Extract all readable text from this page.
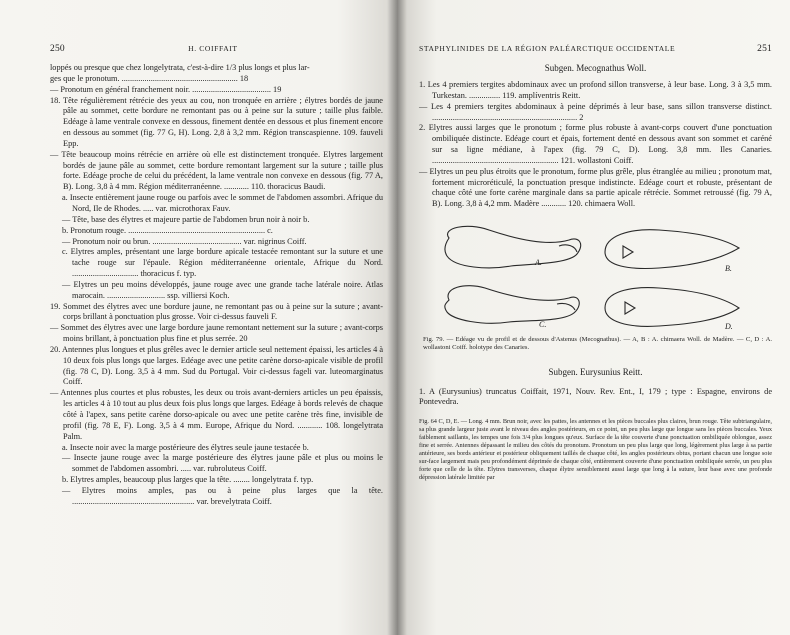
250	H. COIFFAIT

loppés ou presque que chez longelytrata, c'est-à-dire 1/3 plus longs et plus lar-

ges que le pronotum. ........................................................ 18

— Pronotum en général franchement noir. ...................................... 19

18. Tête régulièrement rétrécie des yeux au cou, non tronquée en arrière ; élytres bordés de jaune pâle au sommet, cette bordure ne remontant pas ou à peine sur la suture ; taille plus faible. Edéage à lame ventrale convexe en dessous, finement dentée en dessous et plus finement encore en dessous au sommet (fig. 77 G, H). Long. 2,8 à 3,2 mm. Région transcaspienne. 109. fauveli Epp.

— Tête beaucoup moins rétrécie en arrière où elle est distinctement tronquée. Elytres largement bordés de jaune pâle au sommet, cette bordure remontant largement sur la suture ; taille plus forte. Edéage proche de celui du précédent, la lame ventrale non convexe en dessous (fig. 77 A, B). Long. 3,8 à 4 mm. Région méditerranéenne. ............ 110. thoracicus Baudi.

a. Insecte entièrement jaune rouge ou parfois avec le sommet de l'abdomen assombri. Afrique du Nord, Ile de Rhodes. ..... var. microthorax Fauv.

— Tête, base des élytres et majeure partie de l'abdomen brun noir à noir b.

b. Pronotum rouge. .................................................................. c.

— Pronotum noir ou brun. ........................................... var. nigrinus Coiff.

c. Elytres amples, présentant une large bordure apicale testacée remontant sur la suture et une tache rouge sur l'épaule. Région méditerranéenne orientale, Afrique du Nord. ................................ thoracicus f. typ.

— Elytres un peu moins développés, jaune rouge avec une grande tache latérale noire. Atlas marocain. ............................ ssp. villiersi Koch.

19. Sommet des élytres avec une bordure jaune, ne remontant pas ou à peine sur la suture ; avant-corps brillant à ponctuation plus grosse. Voir ci-dessus fauveli F.

— Sommet des élytres avec une large bordure jaune remontant nettement sur la suture ; avant-corps moins brillant, à ponctuation plus fine et plus serrée. 20

20. Antennes plus longues et plus grêles avec le dernier article seul nettement épaissi, les articles 4 à 10 deux fois plus longs que larges. Edéage avec une petite carène dorso-apicale visible de profil (fig. 78 C, D). Long. 3,5 à 4 mm. Sud du Portugal. Voir ci-dessus fageli var. luteomarginatus Coiff.

— Antennes plus courtes et plus robustes, les deux ou trois avant-derniers articles un peu épaissis, les articles 4 à 10 tout au plus deux fois plus longs que larges. Edéage à bords relevés de chaque côté à l'apex, sans petite carène dorso-apicale ou avec une petite carène très fine, invisible de profil (fig. 78 E, F). Long. 3,5 à 4 mm. Europe, Afrique du Nord. ............ 108. longelytrata Palm.

a. Insecte noir avec la marge postérieure des élytres seule jaune testacée b.

— Insecte jaune rouge avec la marge postérieure des élytres jaune pâle et plus ou moins le sommet de l'abdomen assombri. ..... var. rubroluteus Coiff.

b. Elytres amples, beaucoup plus larges que la tête. ........ longelytrata f. typ.

— Elytres moins amples, pas ou à peine plus larges que la tête. ........................................................... var. brevelytrata Coiff.

STAPHYLINIDES DE LA RÉGION PALÉARCTIQUE OCCIDENTALE	251
Subgen. Mecognathus Woll.

1. Les 4 premiers tergites abdominaux avec un profond sillon transverse, à leur base. Long. 3 à 3,5 mm. Turkestan. ............... 119. amplíventris Reitt.

— Les 4 premiers tergites abdominaux à peine déprimés à leur base, sans sillon transverse distinct. ...................................................................... 2

2. Elytres aussi larges que le pronotum ; forme plus robuste à avant-corps couvert d'une ponctuation ombiliquée distincte. Edéage court et épais, fortement denté en dessous avant son sommet et caréné sur sa ligne médiane, à l'apex (fig. 79 C, D). Long. 3,8 mm. Iles Canaries. ............................................................. 121. wollastoni Coiff.

— Elytres un peu plus étroits que le pronotum, forme plus grêle, plus étranglée au milieu ; pronotum mat, fortement microréticulé, la ponctuation presque indistincte. Edéage court et robuste, présentant de chaque côté une forte carène marginale dans sa partie apicale rétrécie. Sommet retroussé (fig. 79 A, B). Long. 3,8 à 4,2 mm. Madère ............ 120. chimaera Woll.

A.
B.
C.	D.
Fig. 79. — Edéage vu de profil et de dessous d'Astenus (Mecognathus). — A, B : A. chimaera Woll. de Madère. — C, D : A. wollastoni Coiff. holotype des Canaries.
Subgen. Eurysunius Reitt.
1. A (Eurysunius) truncatus Coiffait, 1971, Nouv. Rev. Ent., I, 179 ; type : Espagne, environs de Pontevedra.
Fig. 64 C, D, E. — Long. 4 mm. Brun noir, avec les pattes, les antennes et les pièces buccales plus claires, brun rouge. Tête subtriangulaire, sa plus grande largeur juste avant le niveau des angles postérieurs, en ce point, un peu plus large que longue sans les pièces buccales. Yeux faiblement saillants, les tempes une fois 3/4 plus longues qu'eux. Surface de la tête couverte d'une ponctuation ombiliquée oblongue, assez fine et serrée. Antennes dépassant le milieu des côtés du pronotum. Pronotum un peu plus large que long, légèrement plus large à sa partie antérieure, ses bords antérieur et postérieur obliquement taillés de chaque côté, les angles postérieurs obtus, portant chacun une longue soie sur-face largement mais peu profondément déprimée de chaque côté, entièrement couverte d'une ponctuation ombiliquée serrée, un peu plus forte que celle de la tête. Elytres transverses, chaque élytre sensiblement aussi large que long à la suture, leur base avec une profonde dépression latérale limitée par
